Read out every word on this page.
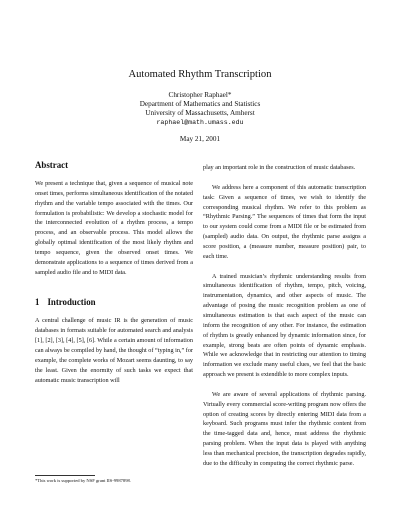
Automated Rhythm Transcription
Christopher Raphael*
Department of Mathematics and Statistics
University of Massachusetts, Amherst
raphael@math.umass.edu
May 21, 2001
Abstract

We present a technique that, given a sequence of musical note onset times, performs simultaneous identification of the notated rhythm and the variable tempo associated with the times. Our formulation is probabilistic: We develop a stochastic model for the interconnected evolution of a rhythm process, a tempo process, and an observable process. This model allows the globally optimal identification of the most likely rhythm and tempo sequence, given the observed onset times. We demonstrate applications to a sequence of times derived from a sampled audio file and to MIDI data.

1 Introduction

A central challenge of music IR is the generation of music databases in formats suitable for automated search and analysis [1], [2], [3], [4], [5], [6]. While a certain amount of information can always be compiled by hand, the thought of “typing in,” for example, the complete works of Mozart seems daunting, to say the least. Given the enormity of such tasks we expect that automatic music transcription will

play an important role in the construction of music databases.

We address here a component of this automatic transcription task: Given a sequence of times, we wish to identify the corresponding musical rhythm. We refer to this problem as “Rhythmic Parsing.” The sequences of times that form the input to our system could come from a MIDI file or be estimated from (sampled) audio data. On output, the rhythmic parse assigns a score position, a (measure number, measure position) pair, to each time.

A trained musician’s rhythmic understanding results from simultaneous identification of rhythm, tempo, pitch, voicing, instrumentation, dynamics, and other aspects of music. The advantage of posing the music recognition problem as one of simultaneous estimation is that each aspect of the music can inform the recognition of any other. For instance, the estimation of rhythm is greatly enhanced by dynamic information since, for example, strong beats are often points of dynamic emphasis. While we acknowledge that in restricting our attention to timing information we exclude many useful clues, we feel that the basic approach we present is extendible to more complex inputs.

We are aware of several applications of rhythmic parsing. Virtually every commercial score-writing program now offers the option of creating scores by directly entering MIDI data from a keyboard. Such programs must infer the rhythmic content from the time-tagged data and, hence, must address the rhythmic parsing problem. When the input data is played with anything less than mechanical precision, the transcription degrades rapidly, due to the difficulty in computing the correct rhythmic parse.

*This work is supported by NSF grant IIS-9987898.
